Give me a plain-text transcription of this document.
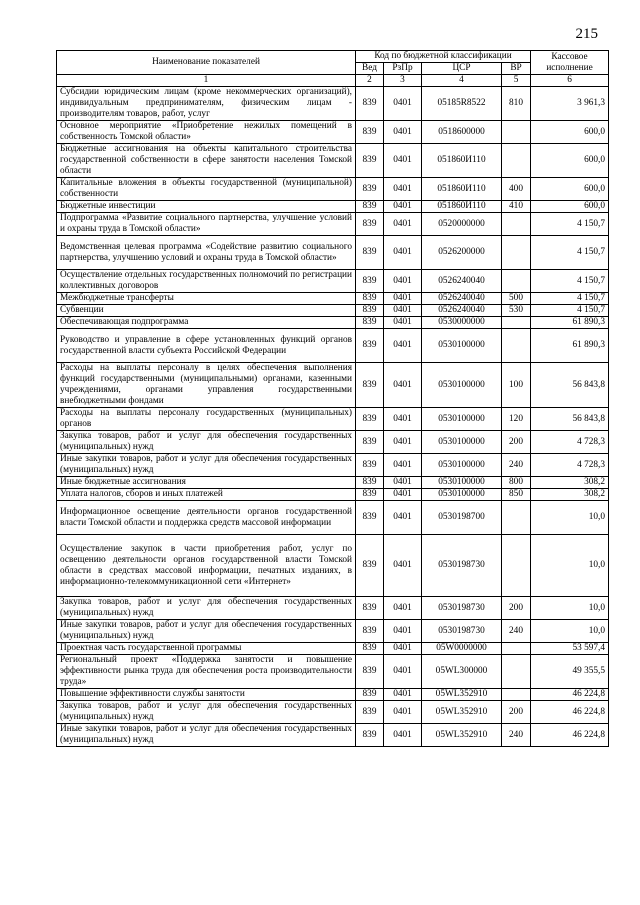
215
Наименование показателей	Код по бюджетной классификации				Кассовое исполнение
	Вед	РзПр	ЦСР	ВР	
1	2	3	4	5	6
Субсидии юридическим лицам (кроме некоммерческих организаций), индивидуальным предпринимателям, физическим лицам - производителям товаров, работ, услуг	839	0401	05185R8522	810	3 961,3
Основное мероприятие «Приобретение нежилых помещений в собственность Томской области»	839	0401	0518600000		600,0
Бюджетные ассигнования на объекты капитального строительства государственной собственности в сфере занятости населения Томской области	839	0401	051860И110		600,0
Капитальные вложения в объекты государственной (муниципальной) собственности	839	0401	051860И110	400	600,0
Бюджетные инвестиции	839	0401	051860И110	410	600,0
Подпрограмма «Развитие социального партнерства, улучшение условий и охраны труда в Томской области»	839	0401	0520000000		4 150,7
Ведомственная целевая программа «Содействие развитию социального партнерства, улучшению условий и охраны труда в Томской области»	839	0401	0526200000		4 150,7
Осуществление отдельных государственных полномочий по регистрации коллективных договоров	839	0401	0526240040		4 150,7
Межбюджетные трансферты	839	0401	0526240040	500	4 150,7
Субвенции	839	0401	0526240040	530	4 150,7
Обеспечивающая подпрограмма	839	0401	0530000000		61 890,3
Руководство и управление в сфере установленных функций органов государственной власти субъекта Российской Федерации	839	0401	0530100000		61 890,3
Расходы на выплаты персоналу в целях обеспечения выполнения функций государственными (муниципальными) органами, казенными учреждениями, органами управления государственными внебюджетными фондами	839	0401	0530100000	100	56 843,8
Расходы на выплаты персоналу государственных (муниципальных) органов	839	0401	0530100000	120	56 843,8
Закупка товаров, работ и услуг для обеспечения государственных (муниципальных) нужд	839	0401	0530100000	200	4 728,3
Иные закупки товаров, работ и услуг для обеспечения государственных (муниципальных) нужд	839	0401	0530100000	240	4 728,3
Иные бюджетные ассигнования	839	0401	0530100000	800	308,2
Уплата налогов, сборов и иных платежей	839	0401	0530100000	850	308,2
Информационное освещение деятельности органов государственной власти Томской области и поддержка средств массовой информации	839	0401	0530198700		10,0
Осуществление закупок в части приобретения работ, услуг по освещению деятельности органов государственной власти Томской области в средствах массовой информации, печатных изданиях, в информационно-телекоммуникационной сети «Интернет»	839	0401	0530198730		10,0
Закупка товаров, работ и услуг для обеспечения государственных (муниципальных) нужд	839	0401	0530198730	200	10,0
Иные закупки товаров, работ и услуг для обеспечения государственных (муниципальных) нужд	839	0401	0530198730	240	10,0
Проектная часть государственной программы	839	0401	05W0000000		53 597,4
Региональный проект «Поддержка занятости и повышение эффективности рынка труда для обеспечения роста производительности труда»	839	0401	05WL300000		49 355,5
Повышение эффективности службы занятости	839	0401	05WL352910		46 224,8
Закупка товаров, работ и услуг для обеспечения государственных (муниципальных) нужд	839	0401	05WL352910	200	46 224,8
Иные закупки товаров, работ и услуг для обеспечения государственных (муниципальных) нужд	839	0401	05WL352910	240	46 224,8
